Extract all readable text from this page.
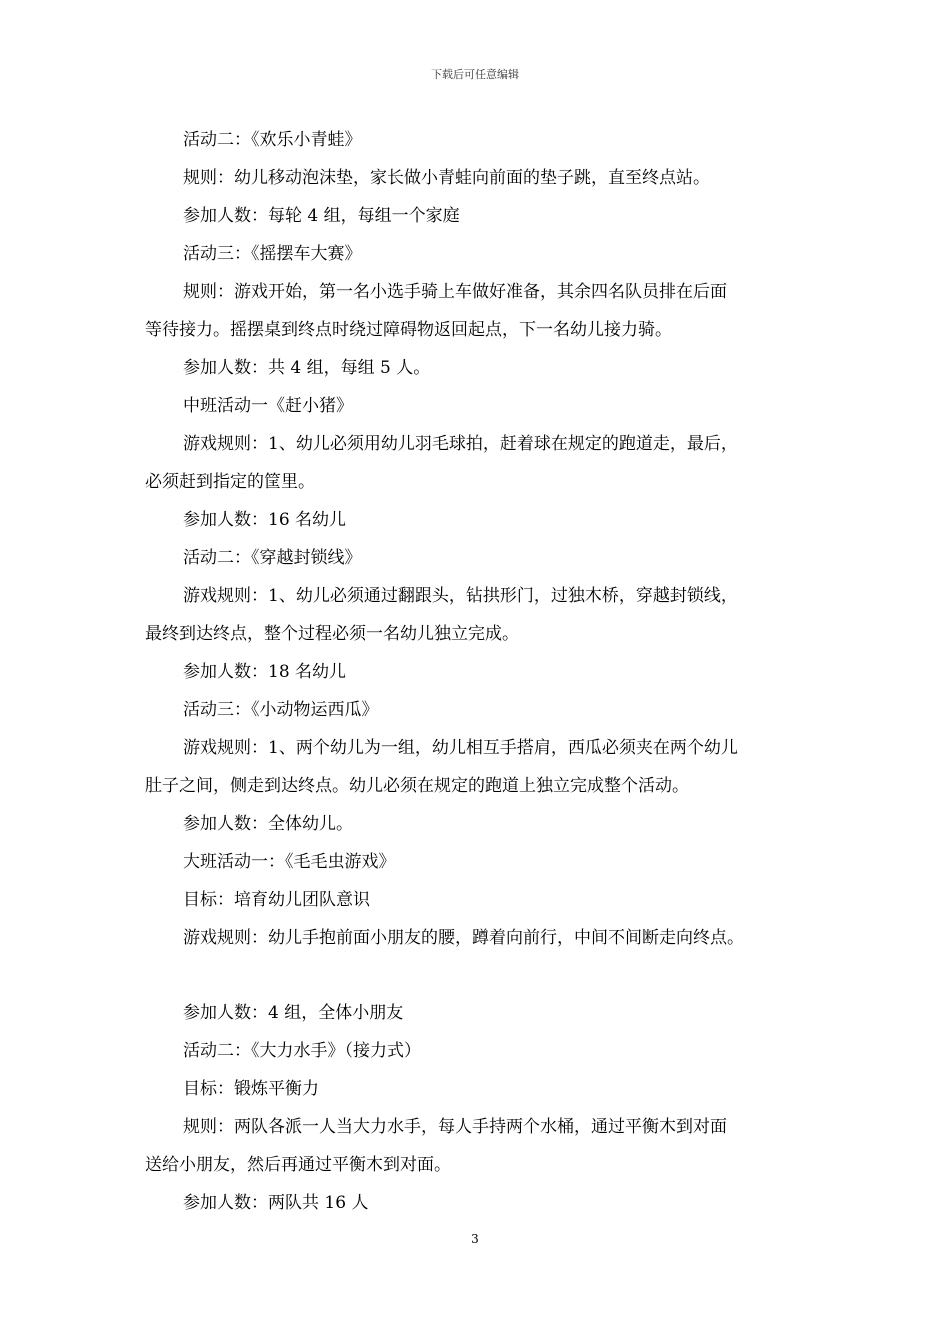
下载后可任意编辑

活动二：《欢乐小青蛙》

规则：幼儿移动泡沫垫，家长做小青蛙向前面的垫子跳，直至终点站。

参加人数：每轮 4 组，每组一个家庭

活动三：《摇摆车大赛》

规则：游戏开始，第一名小选手骑上车做好准备，其余四名队员排在后面

等待接力。摇摆桌到终点时绕过障碍物返回起点，下一名幼儿接力骑。

参加人数：共 4 组，每组 5 人。

中班活动一《赶小猪》

游戏规则：1、幼儿必须用幼儿羽毛球拍，赶着球在规定的跑道走，最后，

必须赶到指定的筐里。

参加人数：16 名幼儿

活动二：《穿越封锁线》

游戏规则：1、幼儿必须通过翻跟头，钻拱形门，过独木桥，穿越封锁线，

最终到达终点，整个过程必须一名幼儿独立完成。

参加人数：18 名幼儿

活动三：《小动物运西瓜》

游戏规则：1、两个幼儿为一组，幼儿相互手搭肩，西瓜必须夹在两个幼儿

肚子之间，侧走到达终点。幼儿必须在规定的跑道上独立完成整个活动。

参加人数：全体幼儿。

大班活动一：《毛毛虫游戏》

目标：培育幼儿团队意识

游戏规则：幼儿手抱前面小朋友的腰，蹲着向前行，中间不间断走向终点。

参加人数：4 组，全体小朋友

活动二：《大力水手》（接力式）

目标：锻炼平衡力

规则：两队各派一人当大力水手，每人手持两个水桶，通过平衡木到对面

送给小朋友，然后再通过平衡木到对面。

参加人数：两队共 16 人

3
